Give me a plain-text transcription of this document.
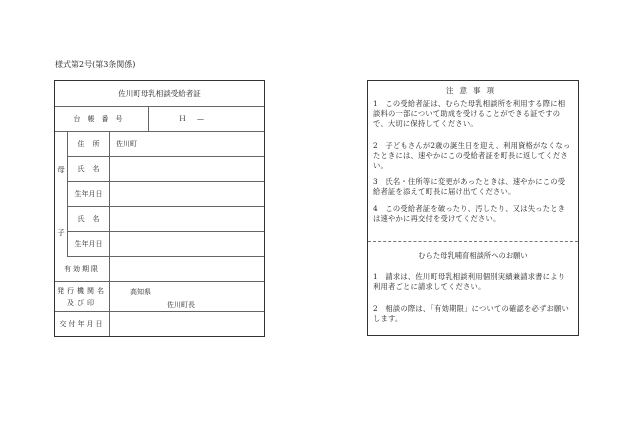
様式第2号(第3条関係)
佐川町母乳相談受給者証
台帳番号	Ｈ　—
母
子
住所	佐川町
氏名
生年月日
氏名
生年月日
有効期限
発行機関名
及び印
高知県
佐川町長
交付年月日
注意事項
1　この受給者証は、むらた母乳相談所を利用する際に相談料の一部について助成を受けることができる証ですので、大切に保持してください。
2　子どもさんが2歳の誕生日を迎え、利用資格がなくなったときには、速やかにこの受給者証を町長に返してください。
3　氏名・住所等に変更があったときは、速やかにこの受給者証を添えて町長に届け出てください。
4　この受給者証を破ったり、汚したり、又は失ったときは速やかに再交付を受けてください。
むらた母乳哺育相談所へのお願い
1　請求は、佐川町母乳相談利用個別実績兼請求書により利用者ごとに請求してください。
2　相談の際は、「有効期限」についての確認を必ずお願いします。
